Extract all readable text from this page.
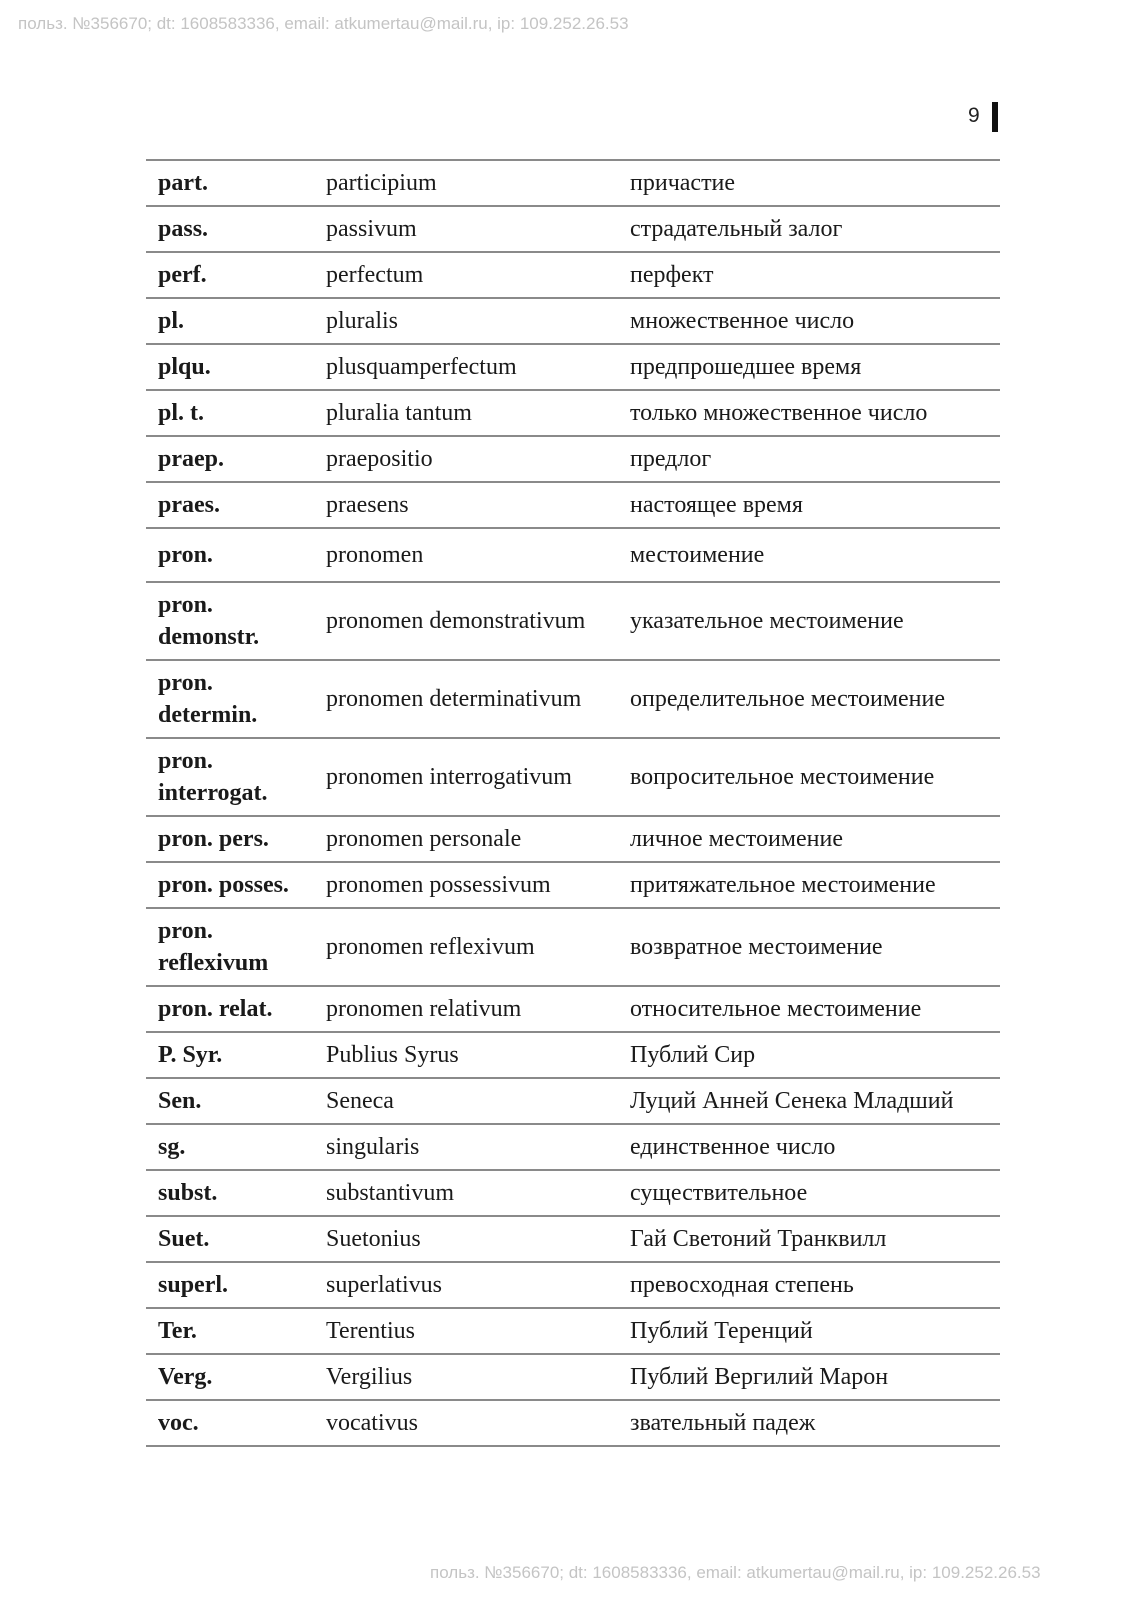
польз. №356670; dt: 1608583336, email: atkumertau@mail.ru, ip: 109.252.26.53
9
part.	participium	причастие
pass.	passivum	страдательный залог
perf.	perfectum	перфект
pl.	pluralis	множественное число
plqu.	plusquamperfectum	предпрошедшее время
pl. t.	pluralia tantum	только множественное число
praep.	praepositio	предлог
praes.	praesens	настоящее время
pron.	pronomen	местоимение
pron. demonstr.	pronomen demonstrativum	указательное местоимение
pron. determin.	pronomen determinativum	определительное местоимение
pron. interrogat.	pronomen interrogativum	вопросительное местоимение
pron. pers.	pronomen personale	личное местоимение
pron. posses.	pronomen possessivum	притяжательное местоимение
pron. reflexivum	pronomen reflexivum	возвратное местоимение
pron. relat.	pronomen relativum	относительное местоимение
P. Syr.	Publius Syrus	Публий Сир
Sen.	Seneca	Луций Анней Сенека Младший
sg.	singularis	единственное число
subst.	substantivum	существительное
Suet.	Suetonius	Гай Светоний Транквилл
superl.	superlativus	превосходная степень
Ter.	Terentius	Публий Теренций
Verg.	Vergilius	Публий Вергилий Марон
voc.	vocativus	звательный падеж
польз. №356670; dt: 1608583336, email: atkumertau@mail.ru, ip: 109.252.26.53
